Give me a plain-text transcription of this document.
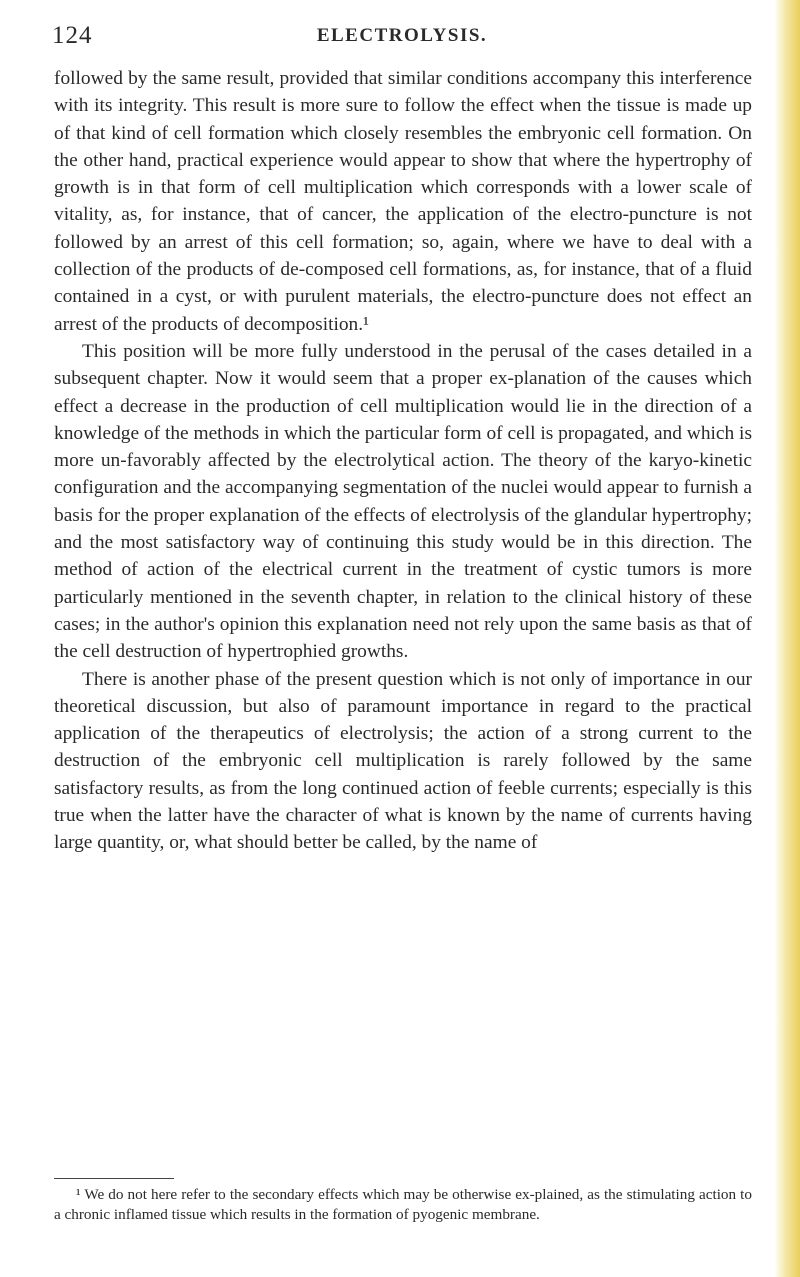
124	ELECTROLYSIS.

followed by the same result, provided that similar conditions accompany this interference with its integrity. This result is more sure to follow the effect when the tissue is made up of that kind of cell formation which closely resembles the embryonic cell formation. On the other hand, practical experience would appear to show that where the hypertrophy of growth is in that form of cell multiplication which corresponds with a lower scale of vitality, as, for instance, that of cancer, the application of the electro-puncture is not followed by an arrest of this cell formation; so, again, where we have to deal with a collection of the products of de-composed cell formations, as, for instance, that of a fluid contained in a cyst, or with purulent materials, the electro-puncture does not effect an arrest of the products of decomposition.¹

This position will be more fully understood in the perusal of the cases detailed in a subsequent chapter. Now it would seem that a proper ex-planation of the causes which effect a decrease in the production of cell multiplication would lie in the direction of a knowledge of the methods in which the particular form of cell is propagated, and which is more un-favorably affected by the electrolytical action. The theory of the karyo-kinetic configuration and the accompanying segmentation of the nuclei would appear to furnish a basis for the proper explanation of the effects of electrolysis of the glandular hypertrophy; and the most satisfactory way of continuing this study would be in this direction. The method of action of the electrical current in the treatment of cystic tumors is more particularly mentioned in the seventh chapter, in relation to the clinical history of these cases; in the author's opinion this explanation need not rely upon the same basis as that of the cell destruction of hypertrophied growths.

There is another phase of the present question which is not only of importance in our theoretical discussion, but also of paramount importance in regard to the practical application of the therapeutics of electrolysis; the action of a strong current to the destruction of the embryonic cell multiplication is rarely followed by the same satisfactory results, as from the long continued action of feeble currents; especially is this true when the latter have the character of what is known by the name of currents having large quantity, or, what should better be called, by the name of

¹ We do not here refer to the secondary effects which may be otherwise ex-plained, as the stimulating action to a chronic inflamed tissue which results in the formation of pyogenic membrane.
